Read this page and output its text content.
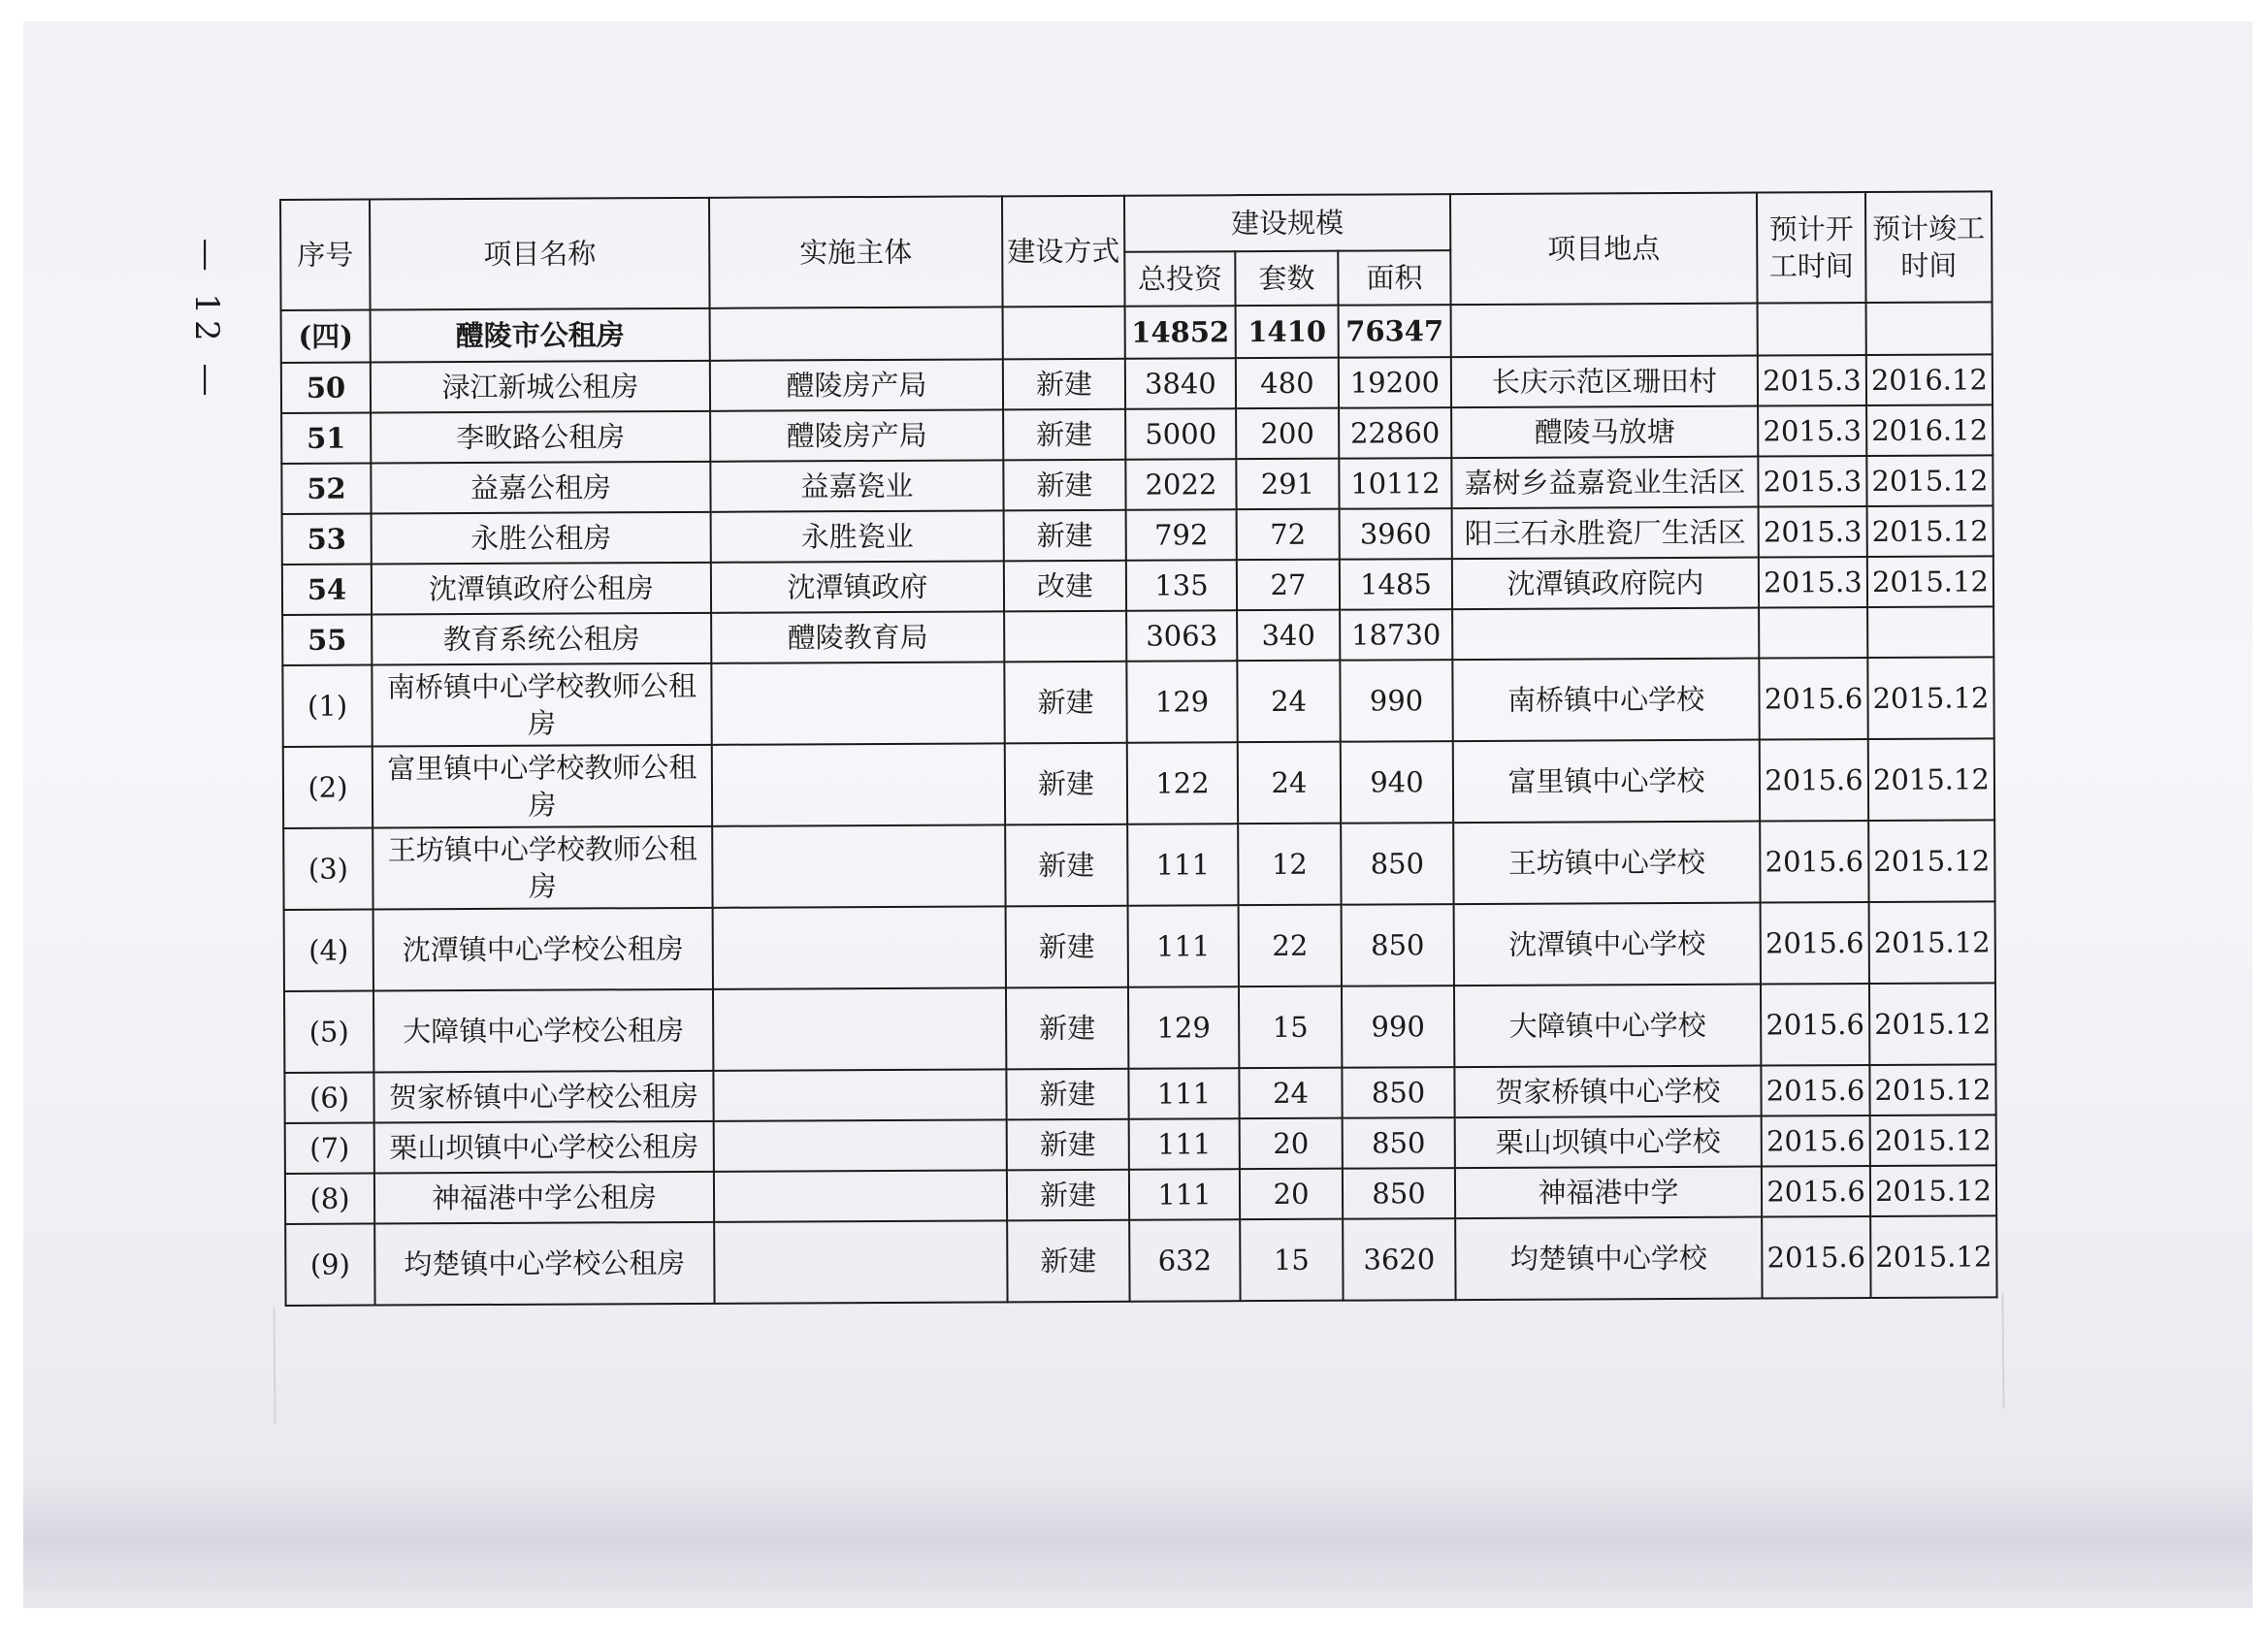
— 12 —	序号	项目名称	实施主体	建设方式	建设规模			项目地点	预计开工时间	预计竣工时间
				总投资	套数	面积			
(四)	醴陵市公租房			14852	1410	76347			
50	渌江新城公租房	醴陵房产局	新建	3840	480	19200	长庆示范区珊田村	2015.3	2016.12
51	李畋路公租房	醴陵房产局	新建	5000	200	22860	醴陵马放塘	2015.3	2016.12
52	益嘉公租房	益嘉瓷业	新建	2022	291	10112	嘉树乡益嘉瓷业生活区	2015.3	2015.12
53	永胜公租房	永胜瓷业	新建	792	72	3960	阳三石永胜瓷厂生活区	2015.3	2015.12
54	沈潭镇政府公租房	沈潭镇政府	改建	135	27	1485	沈潭镇政府院内	2015.3	2015.12
55	教育系统公租房	醴陵教育局		3063	340	18730			
(1)	南桥镇中心学校教师公租房		新建	129	24	990	南桥镇中心学校	2015.6	2015.12
(2)	富里镇中心学校教师公租房		新建	122	24	940	富里镇中心学校	2015.6	2015.12
(3)	王坊镇中心学校教师公租房		新建	111	12	850	王坊镇中心学校	2015.6	2015.12
(4)	沈潭镇中心学校公租房		新建	111	22	850	沈潭镇中心学校	2015.6	2015.12
(5)	大障镇中心学校公租房		新建	129	15	990	大障镇中心学校	2015.6	2015.12
(6)	贺家桥镇中心学校公租房		新建	111	24	850	贺家桥镇中心学校	2015.6	2015.12
(7)	栗山坝镇中心学校公租房		新建	111	20	850	栗山坝镇中心学校	2015.6	2015.12
(8)	神福港中学公租房		新建	111	20	850	神福港中学	2015.6	2015.12
(9)	均楚镇中心学校公租房		新建	632	15	3620	均楚镇中心学校	2015.6	2015.12
